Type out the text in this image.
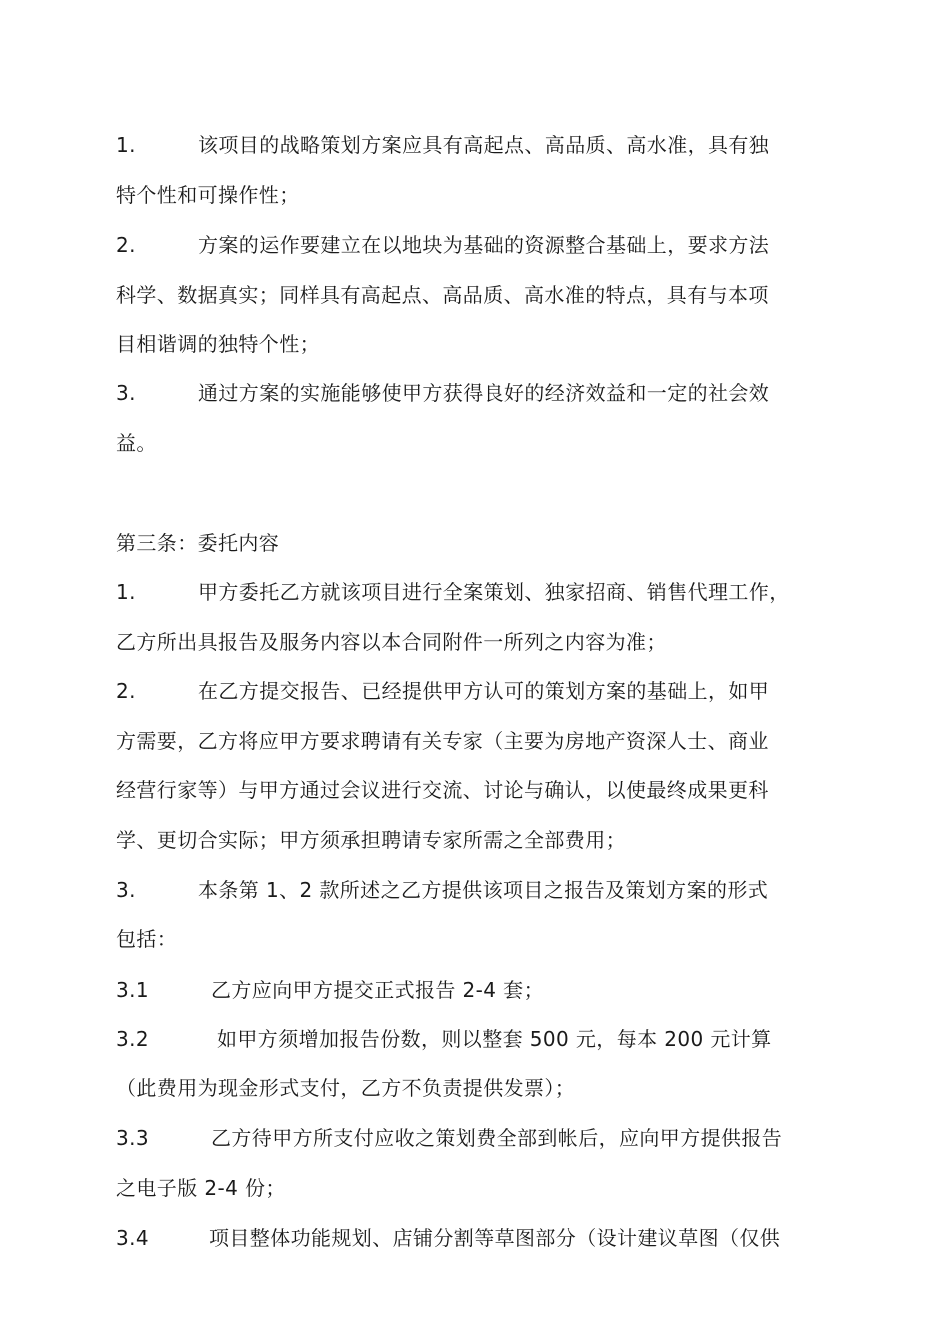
1.	该项目的战略策划方案应具有高起点、高品质、高水准，具有独
特个性和可操作性；
2.	方案的运作要建立在以地块为基础的资源整合基础上，要求方法
科学、数据真实；同样具有高起点、高品质、高水准的特点，具有与本项
目相谐调的独特个性；
3.	通过方案的实施能够使甲方获得良好的经济效益和一定的社会效
益。
第三条：委托内容
1.	甲方委托乙方就该项目进行全案策划、独家招商、销售代理工作，
乙方所出具报告及服务内容以本合同附件一所列之内容为准；
2.	在乙方提交报告、已经提供甲方认可的策划方案的基础上，如甲
方需要，乙方将应甲方要求聘请有关专家（主要为房地产资深人士、商业
经营行家等）与甲方通过会议进行交流、讨论与确认，以使最终成果更科
学、更切合实际；甲方须承担聘请专家所需之全部费用；
3.	本条第 1、2 款所述之乙方提供该项目之报告及策划方案的形式
包括：
3.1	乙方应向甲方提交正式报告 2-4 套；
3.2	如甲方须增加报告份数，则以整套 500 元，每本 200 元计算
（此费用为现金形式支付，乙方不负责提供发票）；
3.3	乙方待甲方所支付应收之策划费全部到帐后，应向甲方提供报告
之电子版 2-4 份；
3.4	项目整体功能规划、店铺分割等草图部分（设计建议草图（仅供
